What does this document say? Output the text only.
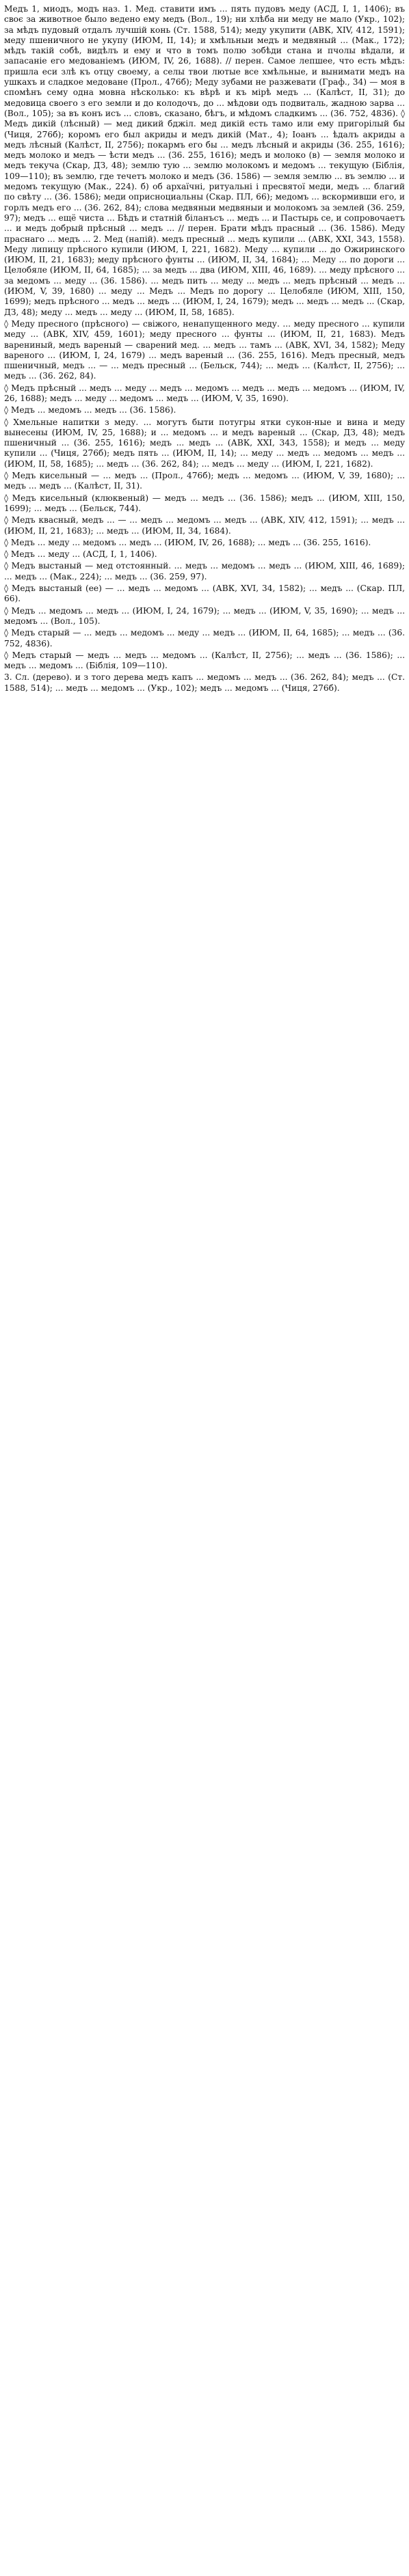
Медъ 1, миодъ, модъ наз. 1. Мед. ставити имъ ... пять пудовъ меду (АСД, I, 1, 1406); въ своє за животное было ведено ему медъ (Вол., 19); ни хлѣба ни меду не мало (Укр., 102); за мѣдъ пудовый отдалъ лучшій конь (Ст. 1588, 514); меду укупити (АВК, XIV, 412, 1591); меду пшеничного не укупу (ИЮМ, II, 14); и хмѣльныи медъ и медвяный ... (Мак., 172); мѣдъ такій собѣ, видѣлъ и ему и что в томъ полю зобѣди стана и пчолы вѣдали, и запасаніе его медованіемъ (ИЮМ, IV, 26, 1688). // перен. Самое лепшее, что есть мѣдъ: пришла еси злѣ къ отцу своему, а селы твои лютые все хмѣльные, и вынимати медъ на ушкахъ и сладкое медоване (Прол., 476б); Меду зубами не разжевати (Граф., 34) — моя в спомѣнъ сему одна мовна нѣсколько: къ вѣрѣ и къ мірѣ медъ ... (Калѣст, II, 31); до медовица своего з его земли и до колодочъ, до ... мѣдови одъ подвиталь, жадною зарва ... (Вол., 105); за въ конъ исъ ... словъ, сказано, бѣгъ, и мѣдомъ сладкимъ ... (36. 752, 4836). ◊ Медъ дикій (лѣсный) — мед дикий бджіл. мед дикій есть тамо или ему пригорілый бы (Чиця, 276б); коромъ его был акриды и медъ дикій (Мат., 4); Іоанъ ... ѣдалъ акриды а медъ лѣсный (Калѣст, II, 2756); покармъ его бы ... медъ лѣсный и акриды (36. 255, 1616); медъ молоко и медъ — ѣсти медъ ... (36. 255, 1616); медъ и молоко (в) — земля молоко и медъ текуча (Скар, ДЗ, 48); землю тую ... землю молокомъ и медомъ ... текущую (Біблія, 109—110); въ землю, где течетъ молоко и медъ (36. 1586) — земля землю ... въ землю ... и медомъ текущую (Мак., 224). б) об архаїчні, ритуальні і пресвятої меди, медъ ... благий по свѣту ... (36. 1586); меди оприсноциальны (Скар. ПЛ, 66); медомъ ... вскормивши его, и горлъ медъ его ... (36. 262, 84); слова медвяныи медвяныи и молокомъ за землей (36. 259, 97); медъ ... ещё чиста ... Бѣдъ и статній біланъсъ ... медъ ... и Пастырь се, и сопровочаетъ ... и медъ добрый прѣсный ... медъ ... // перен. Брати мѣдъ прасный ... (36. 1586). Меду праснаго ... медъ ... 2. Мед (напій). медъ пресный ... медъ купили ... (АВК, XXI, 343, 1558). Меду липицу прѣсного купили (ИЮМ, I, 221, 1682). Меду ... купили ... до Ожиринского (ИЮМ, II, 21, 1683); меду прѣсного фунты ... (ИЮМ, II, 34, 1684); ... Меду ... по дороги ... Целобяле (ИЮМ, II, 64, 1685); ... за медъ ... два (ИЮМ, XIII, 46, 1689). ... меду прѣсного ... за медомъ ... меду ... (36. 1586). ... медъ пить ... меду ... медъ ... медъ прѣсный ... медъ ... (ИЮМ, V, 39, 1680) ... меду ... Медъ ... Медъ по дорогу ... Целобяле (ИЮМ, XIII, 150, 1699); медъ прѣсного ... медъ ... медъ ... (ИЮМ, I, 24, 1679); медъ ... медъ ... медъ ... (Скар, ДЗ, 48); меду ... медъ ... меду ... (ИЮМ, II, 58, 1685).

◊ Меду пресного (прѣсного) — свіжого, ненапущенного меду. ... меду пресного ... купили меду ... (АВК, XIV, 459, 1601); меду пресного ... фунты ... (ИЮМ, II, 21, 1683). Медъ варениный, медъ вареный — сварений мед. ... медъ ... тамъ ... (АВК, XVI, 34, 1582); Меду вареного ... (ИЮМ, I, 24, 1679) ... медъ вареный ... (36. 255, 1616). Медъ пресный, медъ пшеничный, медъ ... — ... медъ пресный ... (Бельск, 744); ... медъ ... (Калѣст, II, 2756); ... медъ ... (36. 262, 84).

◊ Медъ прѣсный ... медъ ... меду ... медъ ... медомъ ... медъ ... медъ ... медомъ ... (ИЮМ, IV, 26, 1688); медъ ... меду ... медомъ ... медъ ... (ИЮМ, V, 35, 1690).

◊ Медъ ... медомъ ... медъ ... (36. 1586).

◊ Хмельные напитки з меду. ... могутъ быти потугры ятки сукон-ные и вина и меду вынесены (ИЮМ, IV, 25, 1688); и ... медомъ ... и медъ вареный ... (Скар, ДЗ, 48); медъ пшеничный ... (36. 255, 1616); медъ ... медъ ... (АВК, XXI, 343, 1558); и медъ ... меду купили ... (Чиця, 276б); медъ пять ... (ИЮМ, II, 14); ... меду ... медъ ... медомъ ... медъ ... (ИЮМ, II, 58, 1685); ... медъ ... (36. 262, 84); ... медъ ... меду ... (ИЮМ, I, 221, 1682).

◊ Медъ кисельный — ... медъ ... (Прол., 476б); медъ ... медомъ ... (ИЮМ, V, 39, 1680); ... медъ ... медъ ... (Калѣст, II, 31).

◊ Медъ кисельный (клюквеный) — медъ ... медъ ... (36. 1586); медъ ... (ИЮМ, XIII, 150, 1699); ... медъ ... (Бельск, 744).

◊ Медъ квасный, медъ ... — ... медъ ... медомъ ... медъ ... (АВК, XIV, 412, 1591); ... медъ ... (ИЮМ, II, 21, 1683); ... медъ ... (ИЮМ, II, 34, 1684).

◊ Медъ ... меду ... медомъ ... медъ ... (ИЮМ, IV, 26, 1688); ... медъ ... (36. 255, 1616).

◊ Медъ ... меду ... (АСД, I, 1, 1406).

◊ Медъ выстаный — мед отстоянный. ... медъ ... медомъ ... медъ ... (ИЮМ, XIII, 46, 1689); ... медъ ... (Мак., 224); ... медъ ... (36. 259, 97).

◊ Медъ выстаный (ее) — ... медъ ... медомъ ... (АВК, XVI, 34, 1582); ... медъ ... (Скар. ПЛ, 66).

◊ Медъ ... медомъ ... медъ ... (ИЮМ, I, 24, 1679); ... медъ ... (ИЮМ, V, 35, 1690); ... медъ ... медомъ ... (Вол., 105).

◊ Медъ старый — ... медъ ... медомъ ... меду ... медъ ... (ИЮМ, II, 64, 1685); ... медъ ... (36. 752, 4836).

◊ Медъ старый — медъ ... медъ ... медомъ ... (Калѣст, II, 2756); ... медъ ... (36. 1586); ... медъ ... медомъ ... (Біблія, 109—110).

3. Сл. (дерево). и з того дерева медъ капъ ... медомъ ... медъ ... (36. 262, 84); медъ ... (Ст. 1588, 514); ... медъ ... медомъ ... (Укр., 102); медъ ... медомъ ... (Чиця, 276б).
